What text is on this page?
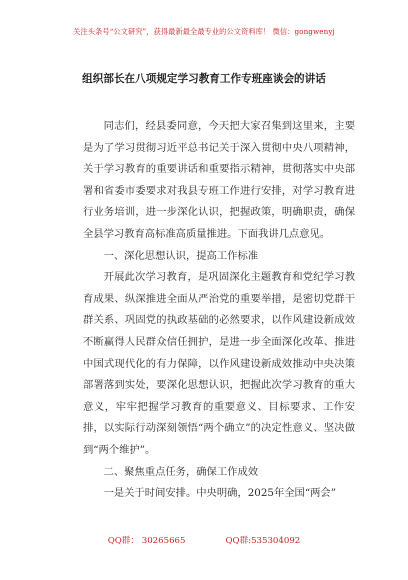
关注头条号“公文研究”，获得最新最全最专业的公文资料库！ 微信：gongwenyj
组织部长在八项规定学习教育工作专班座谈会的讲话

同志们，经县委同意，今天把大家召集到这里来，主要是为了学习贯彻习近平总书记关于深入贯彻中央八项精神，关于学习教育的重要讲话和重要指示精神，贯彻落实中央部署和省委市委要求对我县专班工作进行安排，对学习教育进行业务培训，进一步深化认识，把握政策，明确职责，确保全县学习教育高标准高质量推进。下面我讲几点意见。

一、深化思想认识，提高工作标准

开展此次学习教育，是巩固深化主题教育和党纪学习教育成果、纵深推进全面从严治党的重要举措，是密切党群干群关系、巩固党的执政基础的必然要求，以作风建设新成效不断赢得人民群众信任拥护，是进一步全面深化改革、推进中国式现代化的有力保障，以作风建设新成效推动中央决策部署落到实处，要深化思想认识，把握此次学习教育的重大意义，牢牢把握学习教育的重要意义、目标要求、工作安排，以实际行动深刻领悟“两个确立”的决定性意义、坚决做到“两个维护”。

二、聚焦重点任务，确保工作成效

一是关于时间安排。中央明确，2025年全国“两会”

QQ群： 30265665	QQ群:535304092
